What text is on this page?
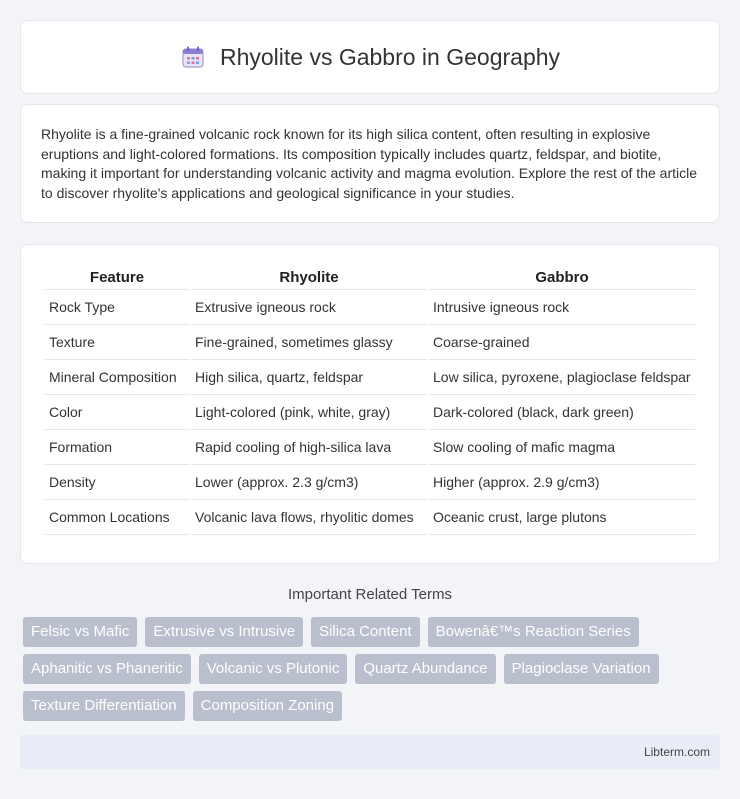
Rhyolite vs Gabbro in Geography

Rhyolite is a fine-grained volcanic rock known for its high silica content, often resulting in explosive eruptions and light-colored formations. Its composition typically includes quartz, feldspar, and biotite, making it important for understanding volcanic activity and magma evolution. Explore the rest of the article to discover rhyolite's applications and geological significance in your studies.

Feature	Rhyolite	Gabbro
Rock Type	Extrusive igneous rock	Intrusive igneous rock
Texture	Fine-grained, sometimes glassy	Coarse-grained
Mineral Composition	High silica, quartz, feldspar	Low silica, pyroxene, plagioclase feldspar
Color	Light-colored (pink, white, gray)	Dark-colored (black, dark green)
Formation	Rapid cooling of high-silica lava	Slow cooling of mafic magma
Density	Lower (approx. 2.3 g/cm3)	Higher (approx. 2.9 g/cm3)
Common Locations	Volcanic lava flows, rhyolitic domes	Oceanic crust, large plutons
Important Related Terms
Felsic vs Mafic	Extrusive vs Intrusive	Silica Content	Bowenâ€™s Reaction Series
Aphanitic vs Phaneritic	Volcanic vs Plutonic	Quartz Abundance	Plagioclase Variation
Texture Differentiation	Composition Zoning
Libterm.com
